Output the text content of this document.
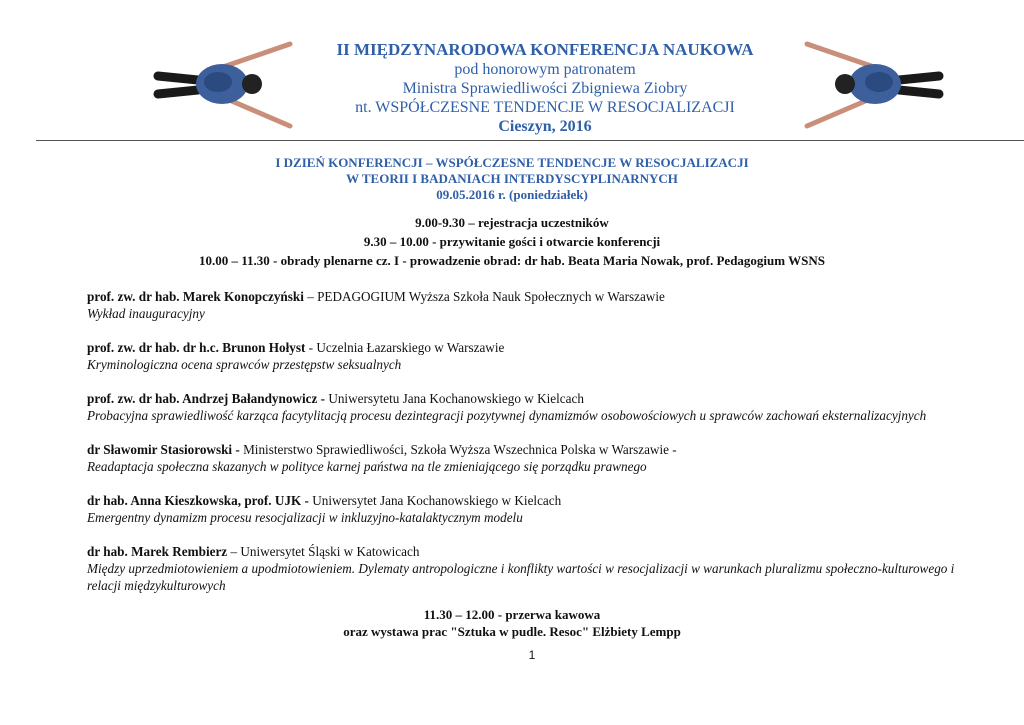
II MIĘDZYNARODOWA KONFERENCJA NAUKOWA
pod honorowym patronatem
Ministra Sprawiedliwości Zbigniewa Ziobry
nt. WSPÓŁCZESNE TENDENCJE W RESOCJALIZACJI
Cieszyn, 2016
I DZIEŃ KONFERENCJI – WSPÓŁCZESNE TENDENCJE W RESOCJALIZACJI
W TEORII I BADANIACH INTERDYSCYPLINARNYCH
09.05.2016 r. (poniedziałek)
9.00-9.30 – rejestracja uczestników
9.30 – 10.00 - przywitanie gości i otwarcie konferencji
10.00 – 11.30 - obrady plenarne cz. I - prowadzenie obrad: dr hab. Beata Maria Nowak, prof. Pedagogium WSNS
prof. zw. dr hab. Marek Konopczyński – PEDAGOGIUM Wyższa Szkoła Nauk Społecznych w Warszawie
Wykład inauguracyjny
prof. zw. dr hab. dr h.c. Brunon Hołyst - Uczelnia Łazarskiego w Warszawie
Kryminologiczna ocena sprawców przestępstw seksualnych
prof. zw. dr hab. Andrzej Bałandynowicz - Uniwersytetu Jana Kochanowskiego w Kielcach
Probacyjna sprawiedliwość karząca facytylitacją procesu dezintegracji pozytywnej dynamizmów osobowościowych u sprawców zachowań eksternalizacyjnych
dr Sławomir Stasiorowski - Ministerstwo Sprawiedliwości, Szkoła Wyższa Wszechnica Polska w Warszawie -
Readaptacja społeczna skazanych w polityce karnej państwa na tle zmieniającego się porządku prawnego
dr hab. Anna Kieszkowska, prof. UJK - Uniwersytet Jana Kochanowskiego w Kielcach
Emergentny dynamizm procesu resocjalizacji w inkluzyjno-katalaktycznym modelu
dr hab. Marek Rembierz – Uniwersytet Śląski w Katowicach
Między uprzedmiotowieniem a upodmiotowieniem. Dylematy antropologiczne i konflikty wartości w resocjalizacji w warunkach pluralizmu społeczno-kulturowego i relacji międzykulturowych
11.30 – 12.00 - przerwa kawowa
oraz wystawa prac "Sztuka w pudle. Resoc" Elżbiety Lempp
1
